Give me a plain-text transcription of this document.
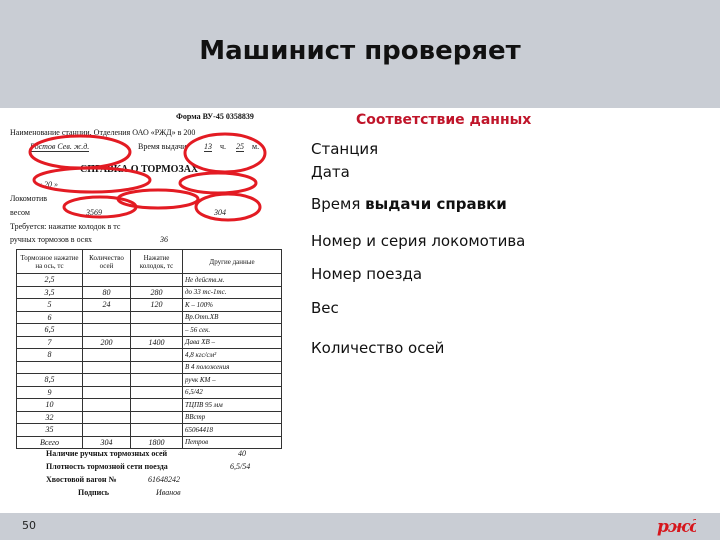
Машинист проверяет
Форма ВУ-45 0358839
Наименование станции, Отделения ОАО «РЖД» в 200
Ростов Сев. ж.д.	Время выдачи 13 ч. 25 м.
СПРАВКА О ТОРМОЗАХ
« 20 »
Локомотив
весом	3569	304
Требуется: нажатие колодок в тс
ручных тормозов в осях	36
Тормозное нажатие на ось, тс	Количество осей	Нажатие колодок, тс	Другие данные
2,5			Не действ.м.
3,5	80	280	до 33 тс-1тс.
5	24	120	К – 100%
6			Вр.Отп.ХВ
6,5			– 56 сек.
7	200	1400	Дава ХВ –
8			4,8 кгс/см²
			В 4 положения
8,5			ручк КМ –
9			6,5/42
10			ТЦПВ 95 мм
32			ВВстр
35			65064418
Всего	304	1800	Петров
Наличие ручных тормозных осей	40
Плотность тормозной сети поезда	6,5/54
Хвостовой вагон №	61648242
Подпись	Иванов
Соответствие данных
Станция
Дата
Время выдачи справки
Номер и серия локомотива
Номер поезда
Вес
Количество осей
50	ржд
